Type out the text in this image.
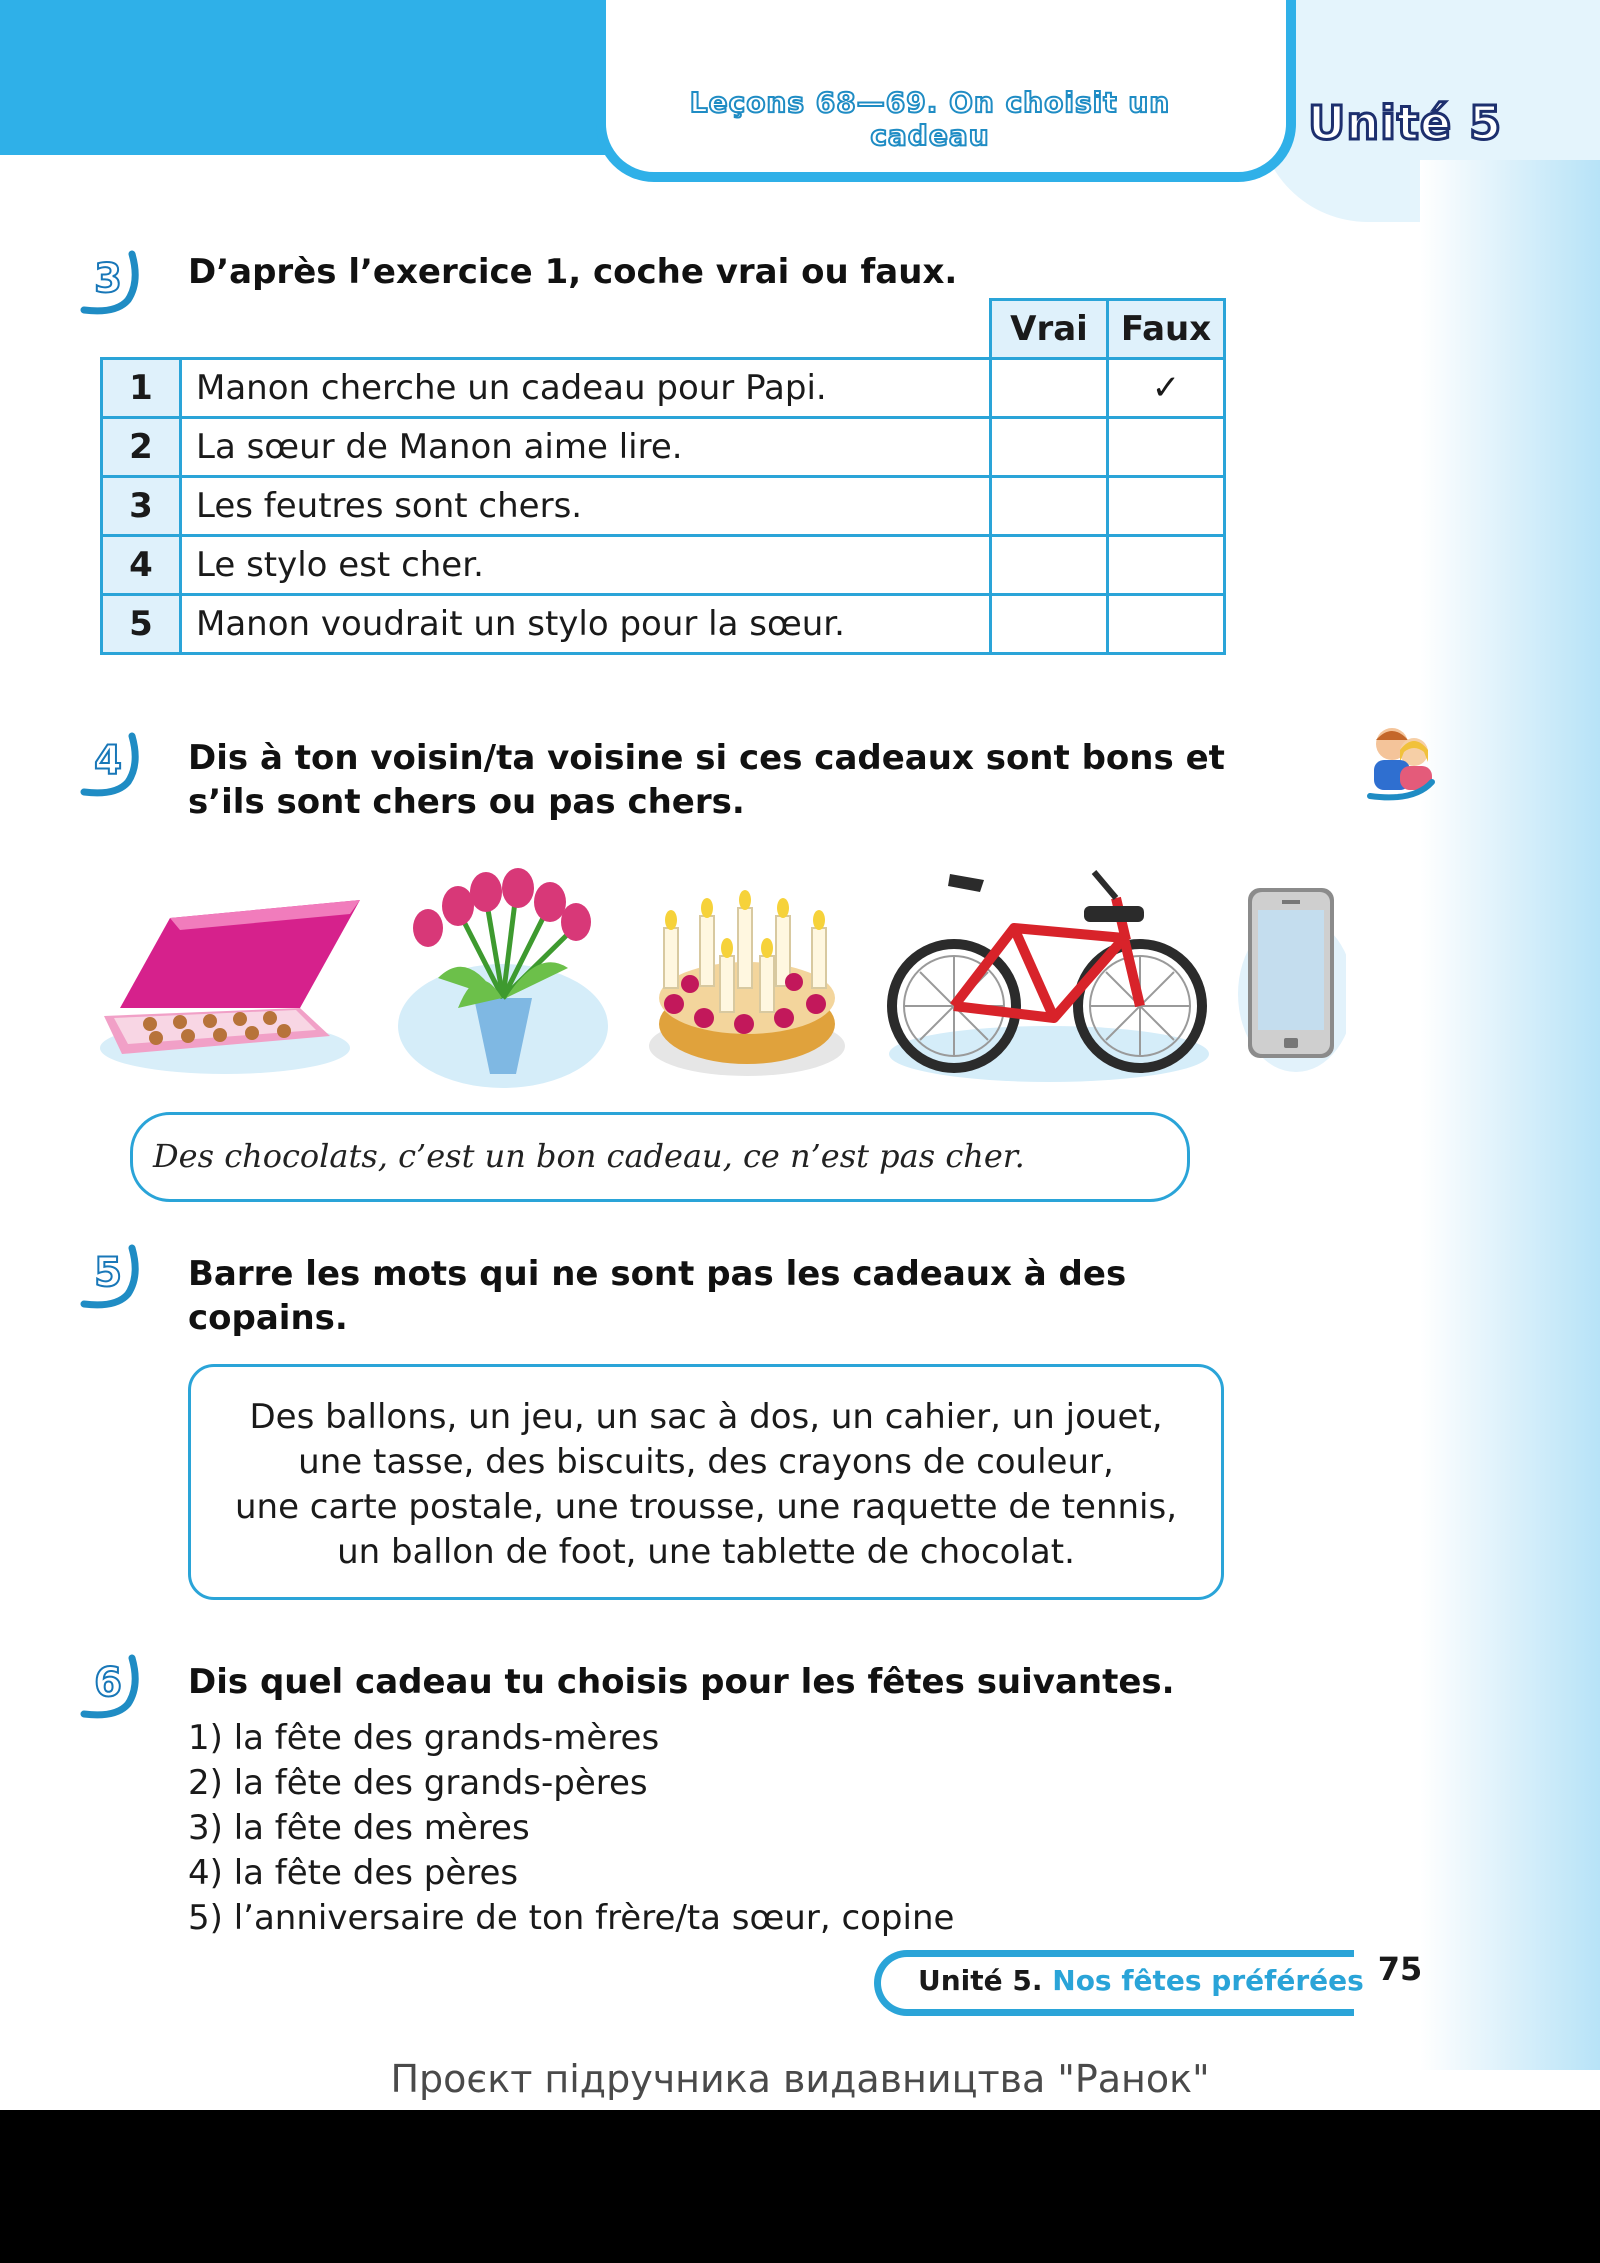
Leçons 68—69. On choisit un cadeau	Unité 5
3	D’après l’exercice 1, coche vrai ou faux.
		Vrai	Faux
1	Manon cherche un cadeau pour Papi.		✓
2	La sœur de Manon aime lire.		
3	Les feutres sont chers.		
4	Le stylo est cher.		
5	Manon voudrait un stylo pour la sœur.		
4	Dis à ton voisin/ta voisine si ces cadeaux sont bons et
s’ils sont chers ou pas chers.
Des chocolats, c’est un bon cadeau, ce n’est pas cher.
5	Barre les mots qui ne sont pas les cadeaux à des
copains.
Des ballons, un jeu, un sac à dos, un cahier, un jouet,
une tasse, des biscuits, des crayons de couleur,
une carte postale, une trousse, une raquette de tennis,
un ballon de foot, une tablette de chocolat.
6	Dis quel cadeau tu choisis pour les fêtes suivantes.
1) la fête des grands-mères
2) la fête des grands-pères
3) la fête des mères
4) la fête des pères
5) l’anniversaire de ton frère/ta sœur, copine
Unité 5. Nos fêtes préférées 75
Проєкт підручника видавництва "Ранок"
